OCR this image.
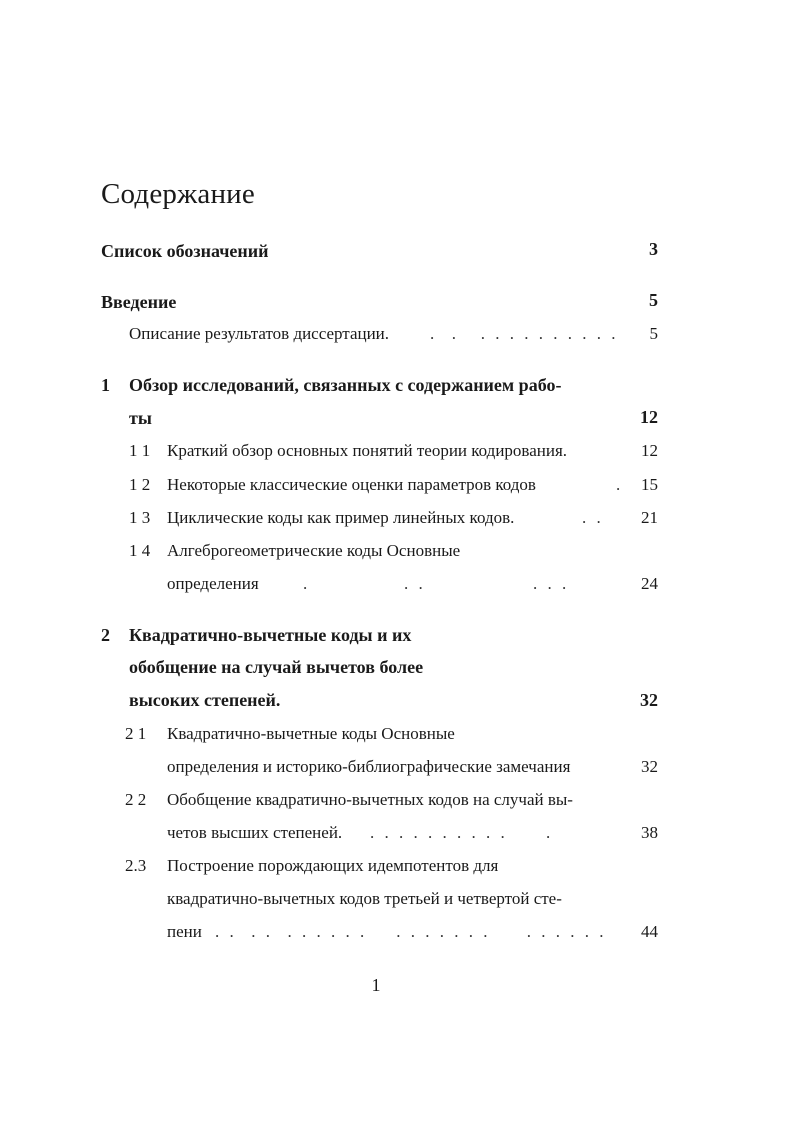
Содержание
Список обозначений	3
Введение	5
Описание результатов диссертации. .  .   . . . . . . . . . . 5
1 Обзор исследований, связанных с содержанием рабо-
ты	12
1 1 Краткий обзор основных понятий теории кодирования.	12
1 2 Некоторые классические оценки параметров кодов	. 15
1 3 Циклические коды как пример линейных кодов.	. . 21
1 4 Алгеброгеометрические коды Основные
определения	.	. .	. . .	24
2 Квадратично-вычетные коды и их
обобщение на случай вычетов более
высоких степеней.	32
2 1 Квадратично-вычетные коды Основные
определения и историко-библиографические замечания	32
2 2 Обобщение квадратично-вычетных кодов на случай вы-
четов высших степеней. . . . . . . . . . . .	38
2.3 Построение порождающих идемпотентов для
квадратично-вычетных кодов третьей и четвертой сте-
пени . .  . .  . . . . . .    . . . . . . .     . . . . . . 44
1
